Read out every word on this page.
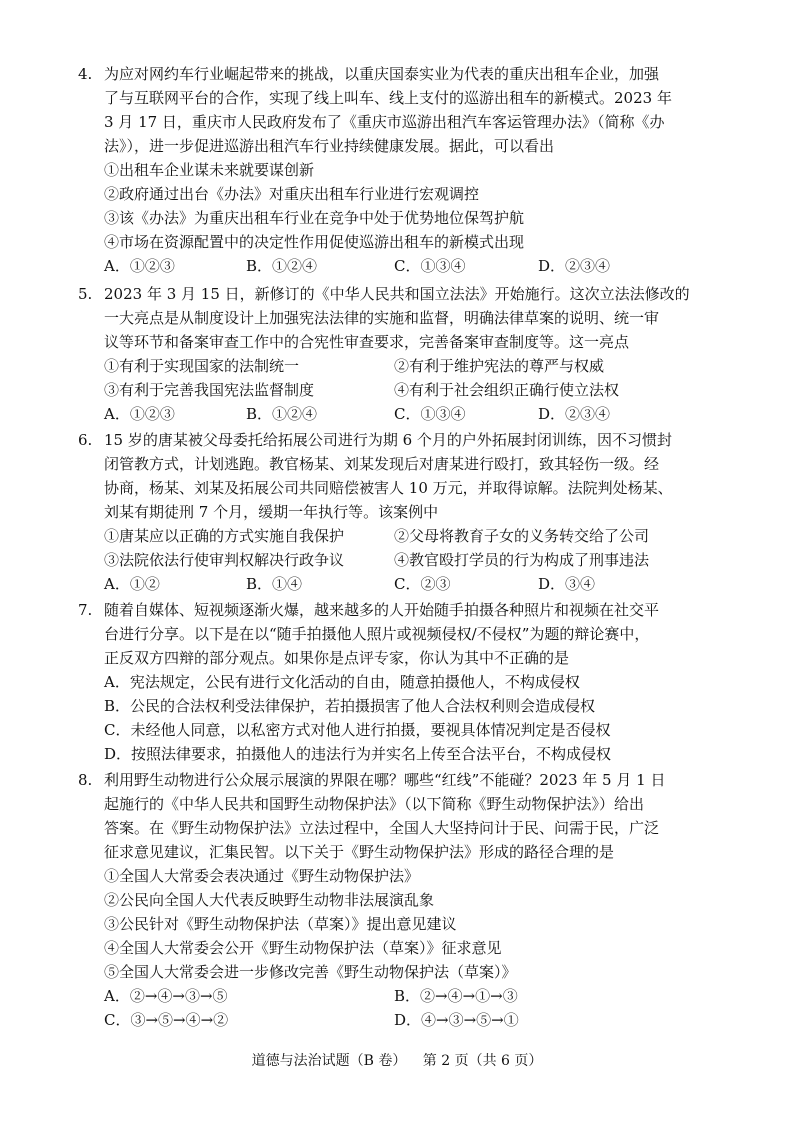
4. 为应对网约车行业崛起带来的挑战，以重庆国泰实业为代表的重庆出租车企业，加强
了与互联网平台的合作，实现了线上叫车、线上支付的巡游出租车的新模式。2023 年
3 月 17 日，重庆市人民政府发布了《重庆市巡游出租汽车客运管理办法》（简称《办
法》），进一步促进巡游出租汽车行业持续健康发展。据此，可以看出
①出租车企业谋未来就要谋创新
②政府通过出台《办法》对重庆出租车行业进行宏观调控
③该《办法》为重庆出租车行业在竞争中处于优势地位保驾护航
④市场在资源配置中的决定性作用促使巡游出租车的新模式出现
A．①②③	B．①②④	C．①③④	D．②③④
5. 2023 年 3 月 15 日，新修订的《中华人民共和国立法法》开始施行。这次立法法修改的
一大亮点是从制度设计上加强宪法法律的实施和监督，明确法律草案的说明、统一审
议等环节和备案审查工作中的合宪性审查要求，完善备案审查制度等。这一亮点
①有利于实现国家的法制统一	②有利于维护宪法的尊严与权威
③有利于完善我国宪法监督制度	④有利于社会组织正确行使立法权
A．①②③	B．①②④	C．①③④	D．②③④
6. 15 岁的唐某被父母委托给拓展公司进行为期 6 个月的户外拓展封闭训练，因不习惯封
闭管教方式，计划逃跑。教官杨某、刘某发现后对唐某进行殴打，致其轻伤一级。经
协商，杨某、刘某及拓展公司共同赔偿被害人 10 万元，并取得谅解。法院判处杨某、
刘某有期徒刑 7 个月，缓期一年执行等。该案例中
①唐某应以正确的方式实施自我保护	②父母将教育子女的义务转交给了公司
③法院依法行使审判权解决行政争议	④教官殴打学员的行为构成了刑事违法
A．①②	B．①④	C．②③	D．③④
7. 随着自媒体、短视频逐渐火爆，越来越多的人开始随手拍摄各种照片和视频在社交平
台进行分享。以下是在以“随手拍摄他人照片或视频侵权/不侵权”为题的辩论赛中，
正反双方四辩的部分观点。如果你是点评专家，你认为其中不正确的是
A．宪法规定，公民有进行文化活动的自由，随意拍摄他人，不构成侵权
B．公民的合法权利受法律保护，若拍摄损害了他人合法权利则会造成侵权
C．未经他人同意，以私密方式对他人进行拍摄，要视具体情况判定是否侵权
D．按照法律要求，拍摄他人的违法行为并实名上传至合法平台，不构成侵权
8. 利用野生动物进行公众展示展演的界限在哪？哪些“红线”不能碰？2023 年 5 月 1 日
起施行的《中华人民共和国野生动物保护法》（以下简称《野生动物保护法》）给出
答案。在《野生动物保护法》立法过程中，全国人大坚持问计于民、问需于民，广泛
征求意见建议，汇集民智。以下关于《野生动物保护法》形成的路径合理的是
①全国人大常委会表决通过《野生动物保护法》
②公民向全国人大代表反映野生动物非法展演乱象
③公民针对《野生动物保护法（草案）》提出意见建议
④全国人大常委会公开《野生动物保护法（草案）》征求意见
⑤全国人大常委会进一步修改完善《野生动物保护法（草案）》
A．②→④→③→⑤	B．②→④→①→③
C．③→⑤→④→②	D．④→③→⑤→①
道德与法治试题（B 卷） 第 2 页（共 6 页）
